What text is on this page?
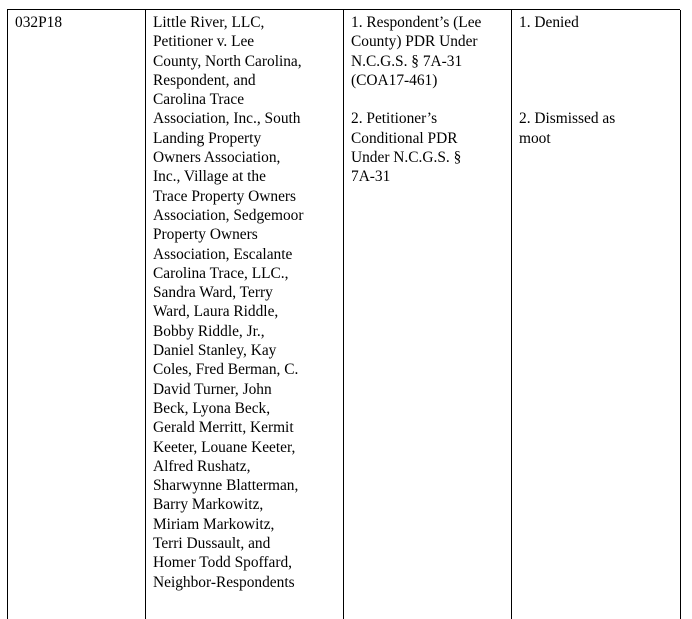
032P18	Little River, LLC,
Petitioner v. Lee
County, North Carolina,
Respondent, and
Carolina Trace
Association, Inc., South
Landing Property
Owners Association,
Inc., Village at the
Trace Property Owners
Association, Sedgemoor
Property Owners
Association, Escalante
Carolina Trace, LLC.,
Sandra Ward, Terry
Ward, Laura Riddle,
Bobby Riddle, Jr.,
Daniel Stanley, Kay
Coles, Fred Berman, C.
David Turner, John
Beck, Lyona Beck,
Gerald Merritt, Kermit
Keeter, Louane Keeter,
Alfred Rushatz,
Sharwynne Blatterman,
Barry Markowitz,
Miriam Markowitz,
Terri Dussault, and
Homer Todd Spoffard,
Neighbor-Respondents

1. Respondent’s (Lee
County) PDR Under
N.C.G.S. § 7A-31
(COA17-461)

2. Petitioner’s
Conditional PDR
Under N.C.G.S. §
7A-31

1. Denied

2. Dismissed as
moot
